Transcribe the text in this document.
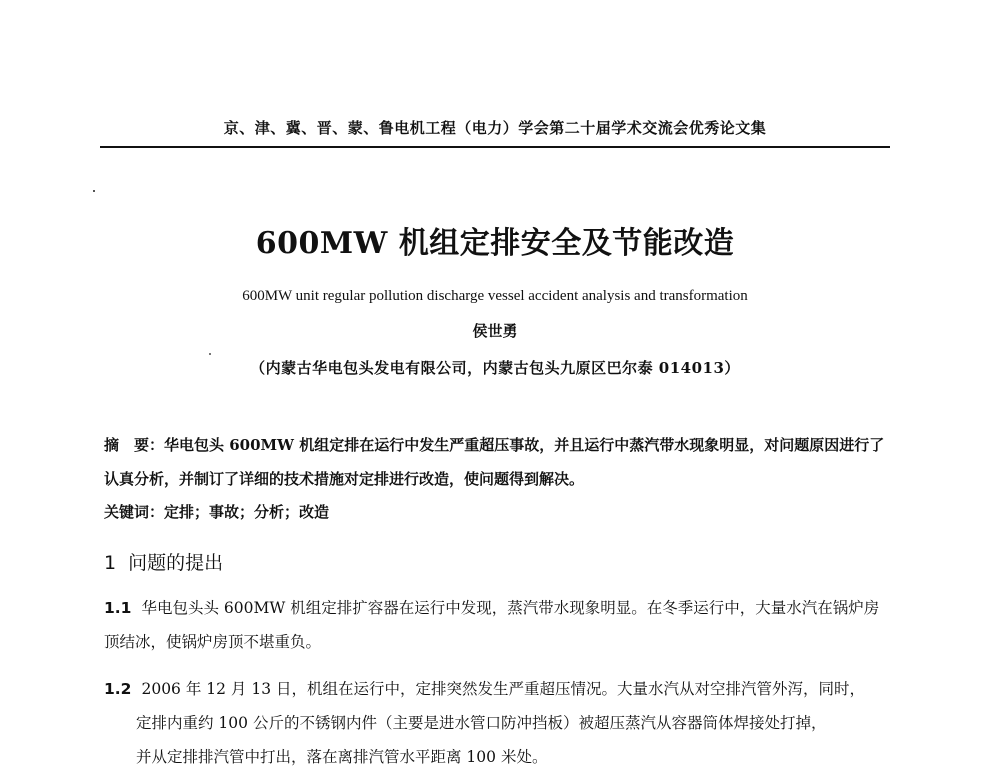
京、津、冀、晋、蒙、鲁电机工程（电力）学会第二十届学术交流会优秀论文集
600MW 机组定排安全及节能改造
600MW unit regular pollution discharge vessel accident analysis and transformation
侯世勇
（内蒙古华电包头发电有限公司，内蒙古包头九原区巴尔泰 014013）
摘　要：华电包头 600MW 机组定排在运行中发生严重超压事故，并且运行中蒸汽带水现象明显，对问题原因进行了认真分析，并制订了详细的技术措施对定排进行改造，使问题得到解决。
关键词：定排；事故；分析；改造
1 问题的提出
1.1 华电包头头 600MW 机组定排扩容器在运行中发现，蒸汽带水现象明显。在冬季运行中，大量水汽在锅炉房顶结冰，使锅炉房顶不堪重负。
1.2 2006 年 12 月 13 日，机组在运行中，定排突然发生严重超压情况。大量水汽从对空排汽管外泻，同时，
定排内重约 100 公斤的不锈钢内件（主要是进水管口防冲挡板）被超压蒸汽从容器筒体焊接处打掉，
并从定排排汽管中打出，落在离排汽管水平距离 100 米处。
